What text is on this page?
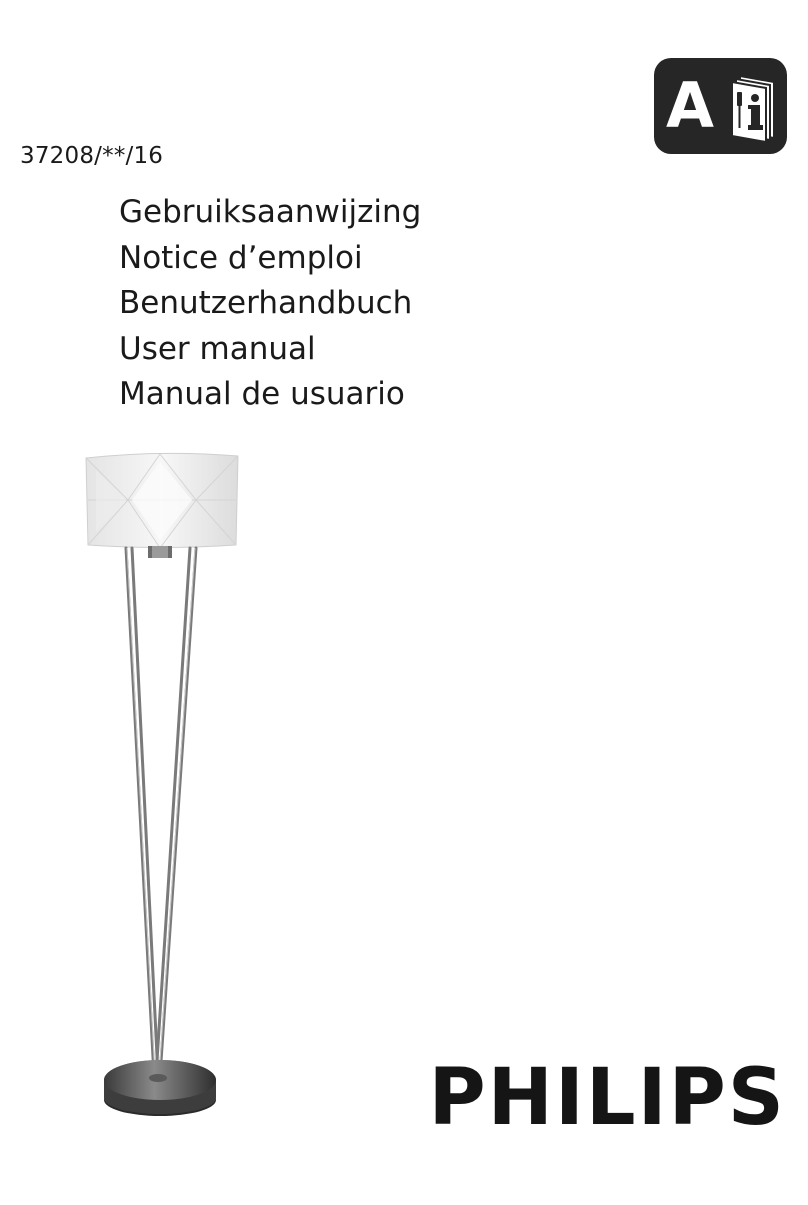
37208/**/16
Gebruiksaanwijzing
Notice d’emploi
Benutzerhandbuch
User manual
Manual de usuario
A
PHILIPS
